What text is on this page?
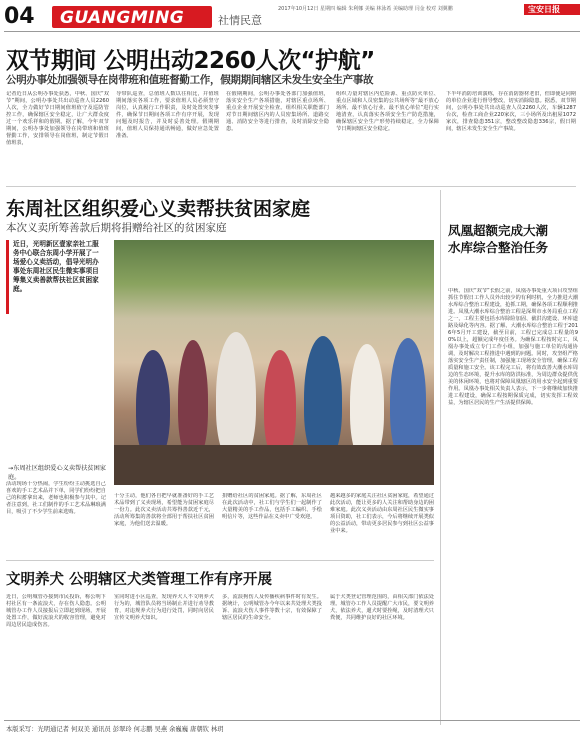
04 GUANGMING	社情民意
2017年10月12日 星期四 编辑 朱利娜 美编 林泳希 美编助理 闫金 校对 刘翼鹏	宝安日报
双节期间 公明出动2260人次“护航”
公明办事处加强领导在岗带班和值班督勤工作，假期期间辖区未发生安全生产事故
记者近日从公明办事处获悉，中秋、国庆“双节”期间，公明办事处共出动巡查人员2260人次，全力做好节日期间值班值守及巡防管控工作，确保辖区安全稳定，让广大群众度过一个欢乐祥和的假期。据了解，今年双节期间，公明办事处加强领导在岗带班和值班督勤工作，安排领导在岗值班，制定节假日值班表，
导带队巡查，总值班人数以往相比，并值班期间落实各项工作，要求值班人员必须坚守岗位，认真履行工作职责，及时处置突发事件，确保节日期间各项工作有序开展，发现问题及时报告，并及时妥善处理。假期期间，值班人员保持通讯畅通，做好应急处置准备。
在假期期间，公明办事处各部门加强值班，落实安全生产各项措施，对辖区重点场所、重点企业开展安全检查。组织相关职能部门对节日期间辖区内的人员密集场所、道路交通、消防安全等进行排查，及时消除安全隐患。
组织力量对辖区内危险源、重点防火单位、重点区域和人员密集的公共场所等“最不放心场所、最不放心行业、最不放心单位”进行实地清查，认真落实各项安全生产防范措施，确保辖区安全生产形势持续稳定，全力保障节日期间辖区安全稳定。
下半年消防培训演练，存在消防器材老旧，但即使是同期的单位企业进行督导整改，切实消除隐患。据悉，双节期间，公明办事处共出动巡查人员2260人次，车辆1287台次，检查工商企业220家次，三小场所及出租屋1072家次，排查隐患351宗，整改整改隐患336宗，假日期间，辖区未发生安全生产事故。
东周社区组织爱心义卖帮扶贫困家庭
本次义卖所筹善款后期将捐赠给社区的贫困家庭
近日，光明新区壹家亲社工服务中心联合东周小学开展了一场爱心义卖活动，倡导光明办事处东周社区民生微实事项目筹集义卖善款帮扶社区贫困家庭。
→东周社区组织爱心义卖帮扶贫困家庭。
活动现场十分热闹，学生纷纷主动挑选自己喜欢的手工艺术品并下单，同学们纷纷把自己的积蓄拿出来，老师也积极参与其中。记者注意到，社工们制作的手工艺术品琳琅满目，吸引了不少学生前来选购。
十分主动，他们各自把早就准备好的手工艺术品带到了义卖现场，希望能为贫困家庭尽一份力。此次义卖活动共筹得善款近千元，活动所筹集的善款将全部用于帮扶社区贫困家庭，为他们送去温暖。
捐赠给社区的贫困家庭。据了解，东周社区在此次活动中，社工们与学生们一起制作了大量精美的手工作品，包括手工编织、手绘明信片等，这些作品在义卖中广受欢迎。
越来越多的家庭关注社区贫困家庭，希望通过此次活动，能让更多的人关注和帮助身边的困难家庭。此次义卖活动由东周社区民生微实事项目资助，社工们表示，今后将继续开展类似的公益活动，带动更多居民参与到社区公益事业中来。
文明养犬 公明辖区犬类管理工作有序开展
近日，公明城管办接到市民投诉，称公明下村社区有一条流浪犬，存在伤人隐患。公明城管办工作人员接报后立即赶到现场，开展处置工作，做好流浪犬的收容管理，避免对周边居民造成伤害。
室同时进小区巡查，发现养犬人不文明养犬行为的，城管队员将当场制止并进行劝导教育，对违规养犬行为进行处罚，同时向居民宣传文明养犬知识。
多，流浪狗伤人及传播疾病事件时有发生。据统计，公明城管办今年以来共处理犬类投诉、流浪犬伤人事件等数十宗，有效保障了辖区居民的生命安全。
属于犬类登记管理范围的，由相关部门依法处理。城管办工作人员提醒广大市民，要文明养犬，依法养犬，遛犬时要拴绳，及时清理犬只粪便，共同维护良好的社区环境。
凤凰超额完成大潮水库综合整治任务
中秋、国庆“双节”长假之前，凤凰办事处重大项目攻坚组抓住节假日工作人员外出较少的有利时机，全力推进大潮水库综合整治工程建设，抢抓工期，确保各项工程顺利推进。凤凰大潮水库综合整治工程是深圳市水务局重点工程之一，工程主要包括水库除险加固、截洪沟建设、环库道路及绿化等内容。据了解，大潮水库综合整治工程于2016年5月开工建设，截至目前，工程已完成总工程量的90%以上，超额完成年度任务。为确保工程按时完工，凤凰办事处成立专门工作小组，加强与施工单位的沟通协调，及时解决工程推进中遇到的问题。同时，攻坚组严格落实安全生产责任制，加强施工现场安全管理，确保工程质量和施工安全。该工程完工后，将有效改善大潮水库周边的生态环境，提升水库的防洪标准，为周边群众提供优美的休闲环境，也将对保障凤凰辖区的用水安全起到重要作用。凤凰办事处相关负责人表示，下一步将继续加快推进工程建设，确保工程按期保质完成，切实发挥工程效益，为辖区居民的生产生活提供保障。
本版采写：光明通记者 何双美 通讯员 彭翠玲 何志鹏 吴燕 余巍巍 唐朝钦 林玥
